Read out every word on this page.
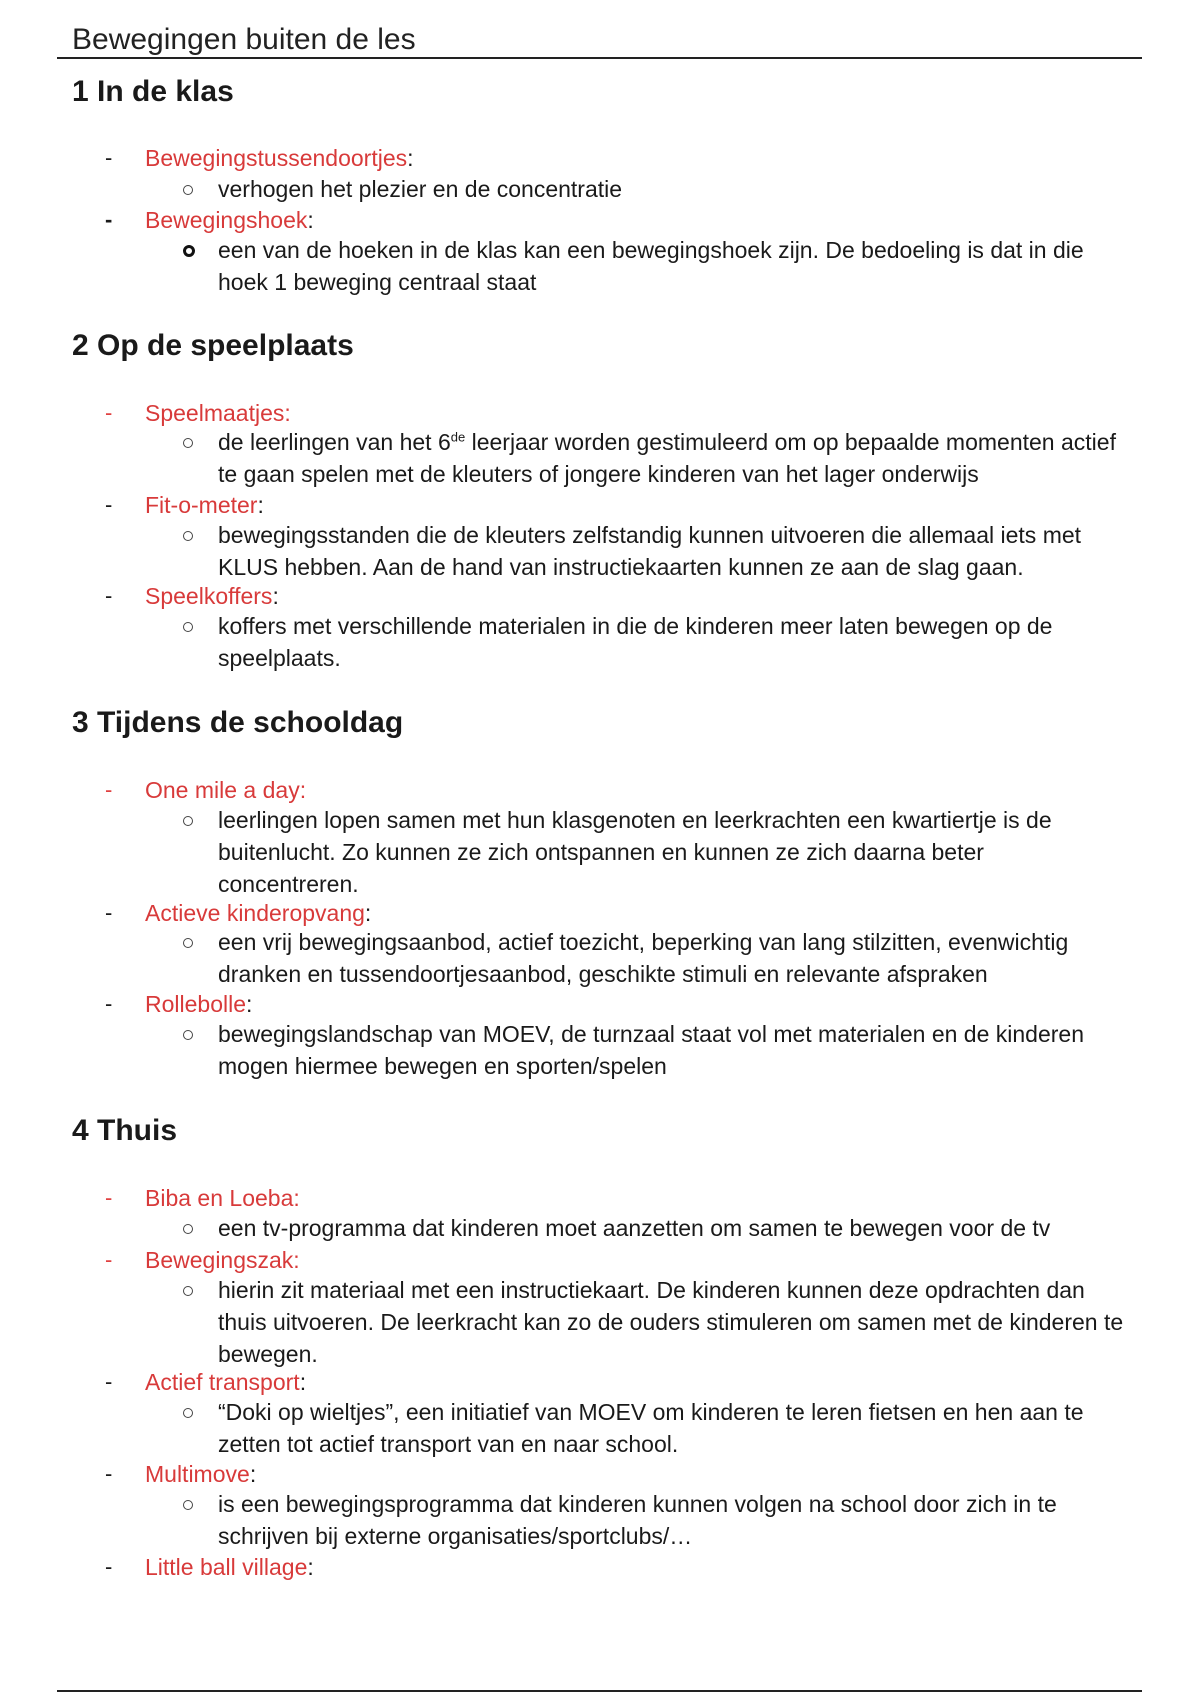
Bewegingen buiten de les
1 In de klas
- Bewegingstussendoortjes:
verhogen het plezier en de concentratie
- Bewegingshoek:
een van de hoeken in de klas kan een bewegingshoek zijn. De bedoeling is dat in die hoek 1 beweging centraal staat
2 Op de speelplaats
- Speelmaatjes:
de leerlingen van het 6de leerjaar worden gestimuleerd om op bepaalde momenten actief te gaan spelen met de kleuters of jongere kinderen van het lager onderwijs
- Fit-o-meter:
bewegingsstanden die de kleuters zelfstandig kunnen uitvoeren die allemaal iets met KLUS hebben. Aan de hand van instructiekaarten kunnen ze aan de slag gaan.
- Speelkoffers:
koffers met verschillende materialen in die de kinderen meer laten bewegen op de speelplaats.
3 Tijdens de schooldag
- One mile a day:
leerlingen lopen samen met hun klasgenoten en leerkrachten een kwartiertje is de buitenlucht. Zo kunnen ze zich ontspannen en kunnen ze zich daarna beter concentreren.
- Actieve kinderopvang:
een vrij bewegingsaanbod, actief toezicht, beperking van lang stilzitten, evenwichtig dranken en tussendoortjesaanbod, geschikte stimuli en relevante afspraken
- Rollebolle:
bewegingslandschap van MOEV, de turnzaal staat vol met materialen en de kinderen mogen hiermee bewegen en sporten/spelen
4 Thuis
- Biba en Loeba:
een tv-programma dat kinderen moet aanzetten om samen te bewegen voor de tv
- Bewegingszak:
hierin zit materiaal met een instructiekaart. De kinderen kunnen deze opdrachten dan thuis uitvoeren. De leerkracht kan zo de ouders stimuleren om samen met de kinderen te bewegen.
- Actief transport:
“Doki op wieltjes”, een initiatief van MOEV om kinderen te leren fietsen en hen aan te zetten tot actief transport van en naar school.
- Multimove:
is een bewegingsprogramma dat kinderen kunnen volgen na school door zich in te schrijven bij externe organisaties/sportclubs/…
- Little ball village:
